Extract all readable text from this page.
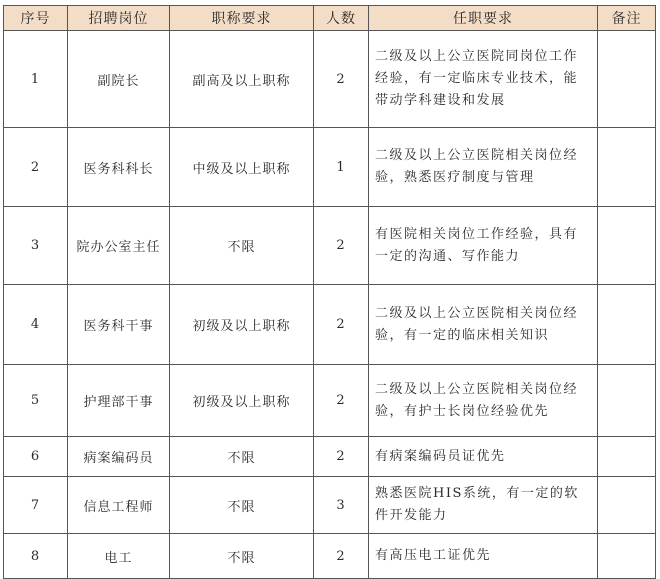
序号	招聘岗位	职称要求	人数	任职要求	备注
1	副院长	副高及以上职称	2	二级及以上公立医院同岗位工作经验，有一定临床专业技术，能带动学科建设和发展	
2	医务科科长	中级及以上职称	1	二级及以上公立医院相关岗位经验，熟悉医疗制度与管理	
3	院办公室主任	不限	2	有医院相关岗位工作经验，具有一定的沟通、写作能力	
4	医务科干事	初级及以上职称	2	二级及以上公立医院相关岗位经验，有一定的临床相关知识	
5	护理部干事	初级及以上职称	2	二级及以上公立医院相关岗位经验，有护士长岗位经验优先	
6	病案编码员	不限	2	有病案编码员证优先	
7	信息工程师	不限	3	熟悉医院HIS系统，有一定的软件开发能力	
8	电工	不限	2	有高压电工证优先	
